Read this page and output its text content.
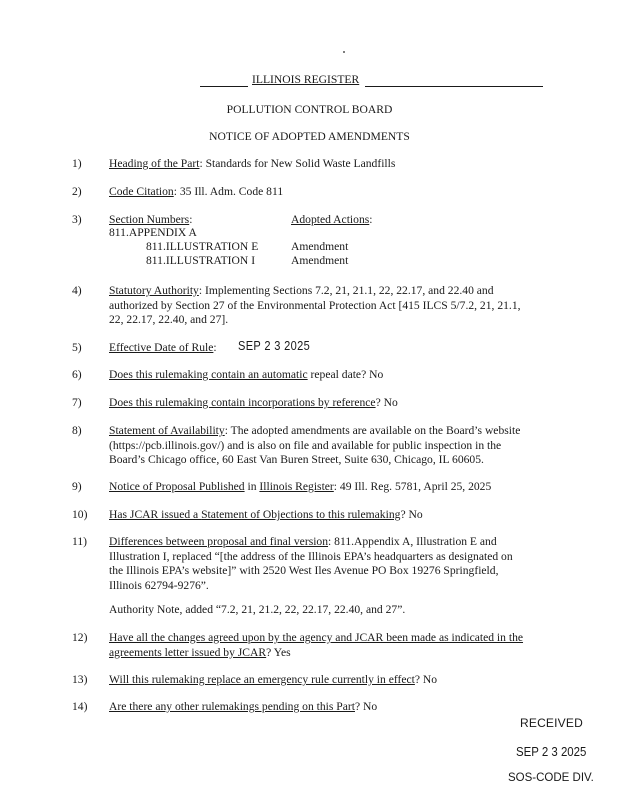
ILLINOIS REGISTER
POLLUTION CONTROL BOARD
NOTICE OF ADOPTED AMENDMENTS
1) Heading of the Part: Standards for New Solid Waste Landfills
2) Code Citation: 35 Ill. Adm. Code 811
3) Section Numbers:	Adopted Actions:
811.APPENDIX A
811.ILLUSTRATION E	Amendment
811.ILLUSTRATION I	Amendment
4) Statutory Authority: Implementing Sections 7.2, 21, 21.1, 22, 22.17, and 22.40 and
authorized by Section 27 of the Environmental Protection Act [415 ILCS 5/7.2, 21, 21.1,
22, 22.17, 22.40, and 27].
5) Effective Date of Rule:	SEP 2 3 2025
6) Does this rulemaking contain an automatic repeal date? No
7) Does this rulemaking contain incorporations by reference? No
8) Statement of Availability: The adopted amendments are available on the Board’s website
(https://pcb.illinois.gov/) and is also on file and available for public inspection in the
Board’s Chicago office, 60 East Van Buren Street, Suite 630, Chicago, IL 60605.
9) Notice of Proposal Published in Illinois Register: 49 Ill. Reg. 5781, April 25, 2025
10) Has JCAR issued a Statement of Objections to this rulemaking? No
11) Differences between proposal and final version: 811.Appendix A, Illustration E and
Illustration I, replaced “[the address of the Illinois EPA’s headquarters as designated on
the Illinois EPA’s website]” with 2520 West Iles Avenue PO Box 19276 Springfield,
Illinois 62794-9276”.
Authority Note, added “7.2, 21, 21.2, 22, 22.17, 22.40, and 27”.
12) Have all the changes agreed upon by the agency and JCAR been made as indicated in the
agreements letter issued by JCAR? Yes
13) Will this rulemaking replace an emergency rule currently in effect? No
14) Are there any other rulemakings pending on this Part? No
RECEIVED
SEP 2 3 2025
SOS-CODE DIV.
